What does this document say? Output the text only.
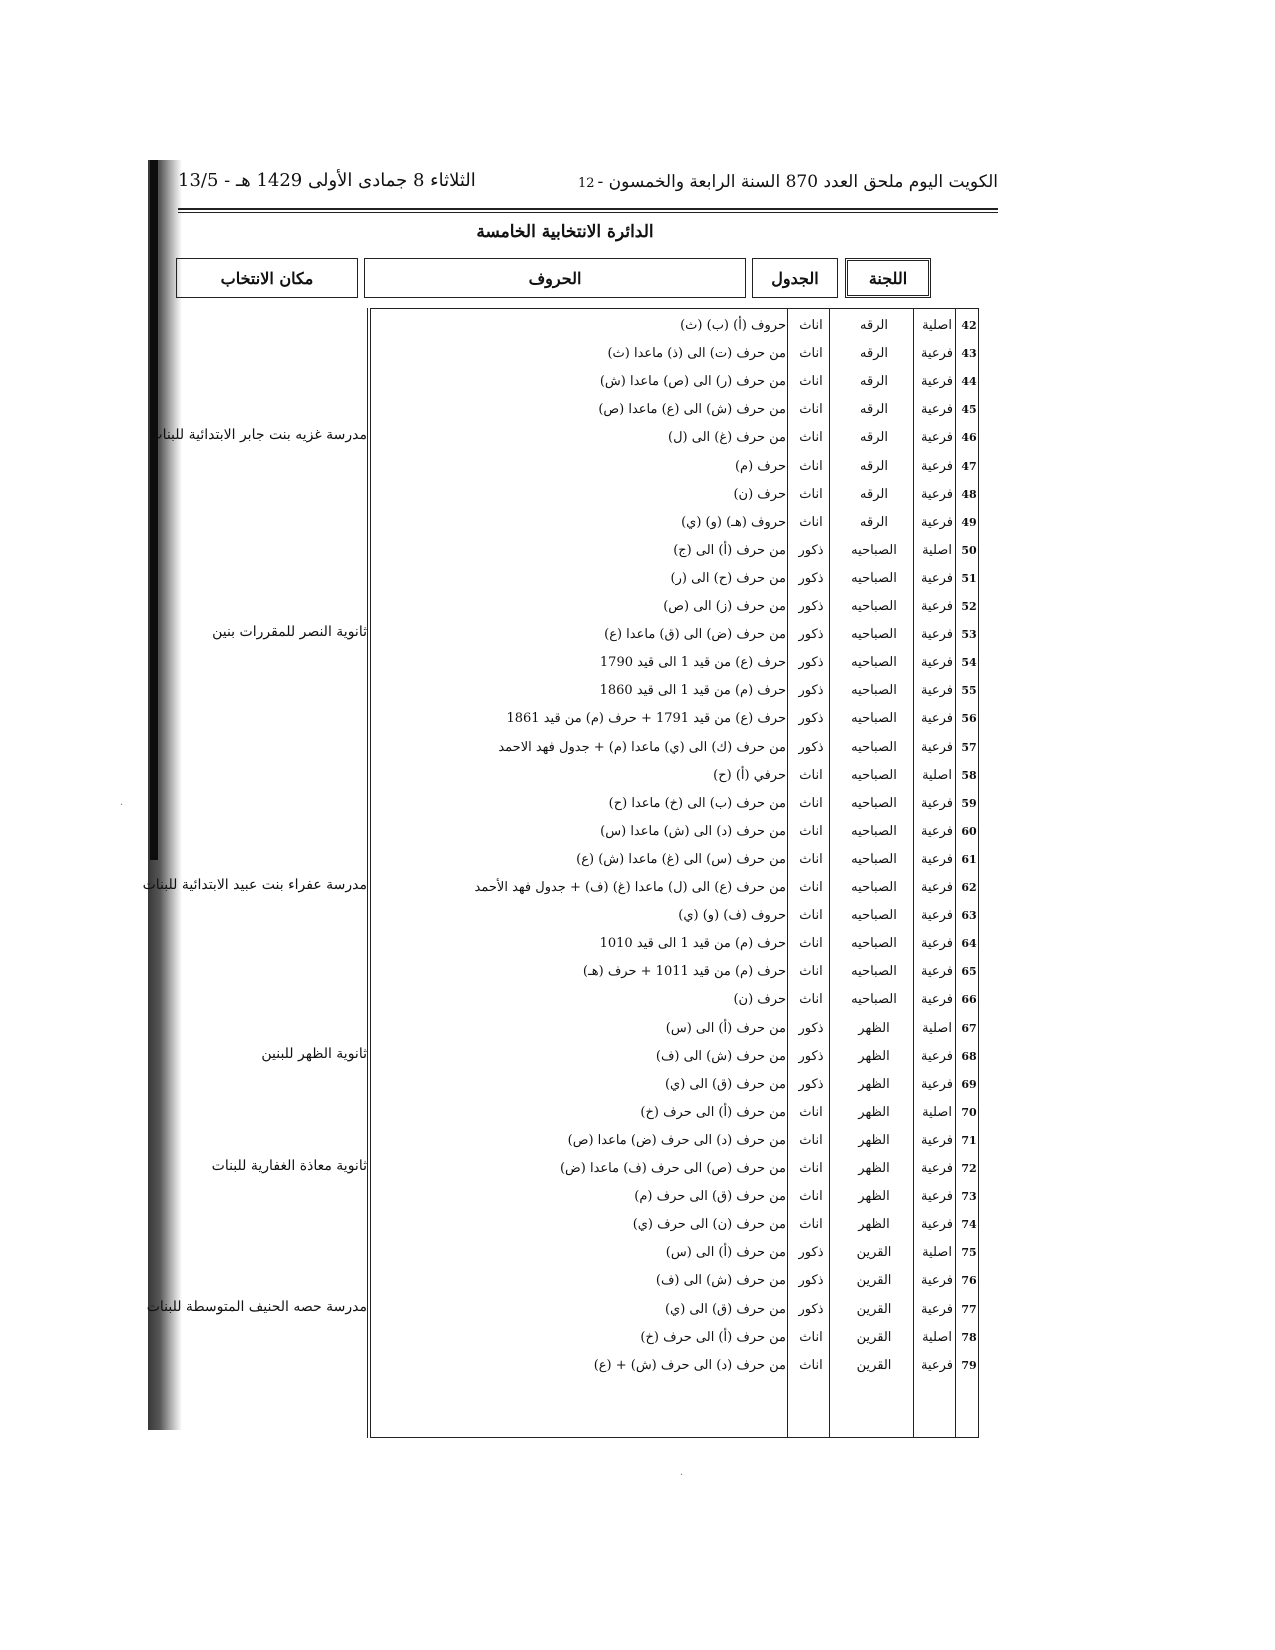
الكويت اليوم ملحق العدد 870 السنة الرابعة والخمسون -
12
الثلاثاء 8 جمادى الأولى 1429 هـ - 13/5
الدائرة الانتخابية الخامسة
اللجنة
الجدول
الحروف
مكان الانتخاب
42
اصلية
الرقه
اناث
حروف (أ) (ب) (ث)
43
فرعية
الرقه
اناث
من حرف (ت) الى (ذ) ماعدا (ث)
44
فرعية
الرقه
اناث
من حرف (ر) الى (ص) ماعدا (ش)
45
فرعية
الرقه
اناث
من حرف (ش) الى (ع) ماعدا (ص)
46
فرعية
الرقه
اناث
من حرف (غ) الى (ل)
47
فرعية
الرقه
اناث
حرف (م)
48
فرعية
الرقه
اناث
حرف (ن)
49
فرعية
الرقه
اناث
حروف (هـ) (و) (ي)
50
اصلية
الصباحيه
ذكور
من حرف (أ) الى (ج)
51
فرعية
الصباحيه
ذكور
من حرف (ح) الى (ر)
52
فرعية
الصباحيه
ذكور
من حرف (ز) الى (ص)
53
فرعية
الصباحيه
ذكور
من حرف (ض) الى (ق) ماعدا (ع)
54
فرعية
الصباحيه
ذكور
حرف (ع) من قيد 1 الى قيد 1790
55
فرعية
الصباحيه
ذكور
حرف (م) من قيد 1 الى قيد 1860
56
فرعية
الصباحيه
ذكور
حرف (ع) من قيد 1791 + حرف (م) من قيد 1861
57
فرعية
الصباحيه
ذكور
من حرف (ك) الى (ي) ماعدا (م) + جدول فهد الاحمد
58
اصلية
الصباحيه
اناث
حرفي (أ) (ح)
59
فرعية
الصباحيه
اناث
من حرف (ب) الى (خ) ماعدا (ح)
60
فرعية
الصباحيه
اناث
من حرف (د) الى (ش) ماعدا (س)
61
فرعية
الصباحيه
اناث
من حرف (س) الى (غ) ماعدا (ش) (ع)
62
فرعية
الصباحيه
اناث
من حرف (ع) الى (ل) ماعدا (غ) (ف) + جدول فهد الأحمد
63
فرعية
الصباحيه
اناث
حروف (ف) (و) (ي)
64
فرعية
الصباحيه
اناث
حرف (م) من قيد 1 الى قيد 1010
65
فرعية
الصباحيه
اناث
حرف (م) من قيد 1011 + حرف (هـ)
66
فرعية
الصباحيه
اناث
حرف (ن)
67
اصلية
الظهر
ذكور
من حرف (أ) الى (س)
68
فرعية
الظهر
ذكور
من حرف (ش) الى (ف)
69
فرعية
الظهر
ذكور
من حرف (ق) الى (ي)
70
اصلية
الظهر
اناث
من حرف (أ) الى حرف (خ)
71
فرعية
الظهر
اناث
من حرف (د) الى حرف (ض) ماعدا (ص)
72
فرعية
الظهر
اناث
من حرف (ص) الى حرف (ف) ماعدا (ض)
73
فرعية
الظهر
اناث
من حرف (ق) الى حرف (م)
74
فرعية
الظهر
اناث
من حرف (ن) الى حرف (ي)
75
اصلية
القرين
ذكور
من حرف (أ) الى (س)
76
فرعية
القرين
ذكور
من حرف (ش) الى (ف)
77
فرعية
القرين
ذكور
من حرف (ق) الى (ي)
78
اصلية
القرين
اناث
من حرف (أ) الى حرف (خ)
79
فرعية
القرين
اناث
من حرف (د) الى حرف (ش) + (ع)
مدرسة غزيه بنت جابر الابتدائية للبنات
ثانوية النصر للمقررات بنين
مدرسة عفراء بنت عبيد الابتدائية للبنات
ثانوية الظهر للبنين
ثانوية معاذة الغفارية للبنات
مدرسة حصه الحنيف المتوسطة للبنات
·
·
